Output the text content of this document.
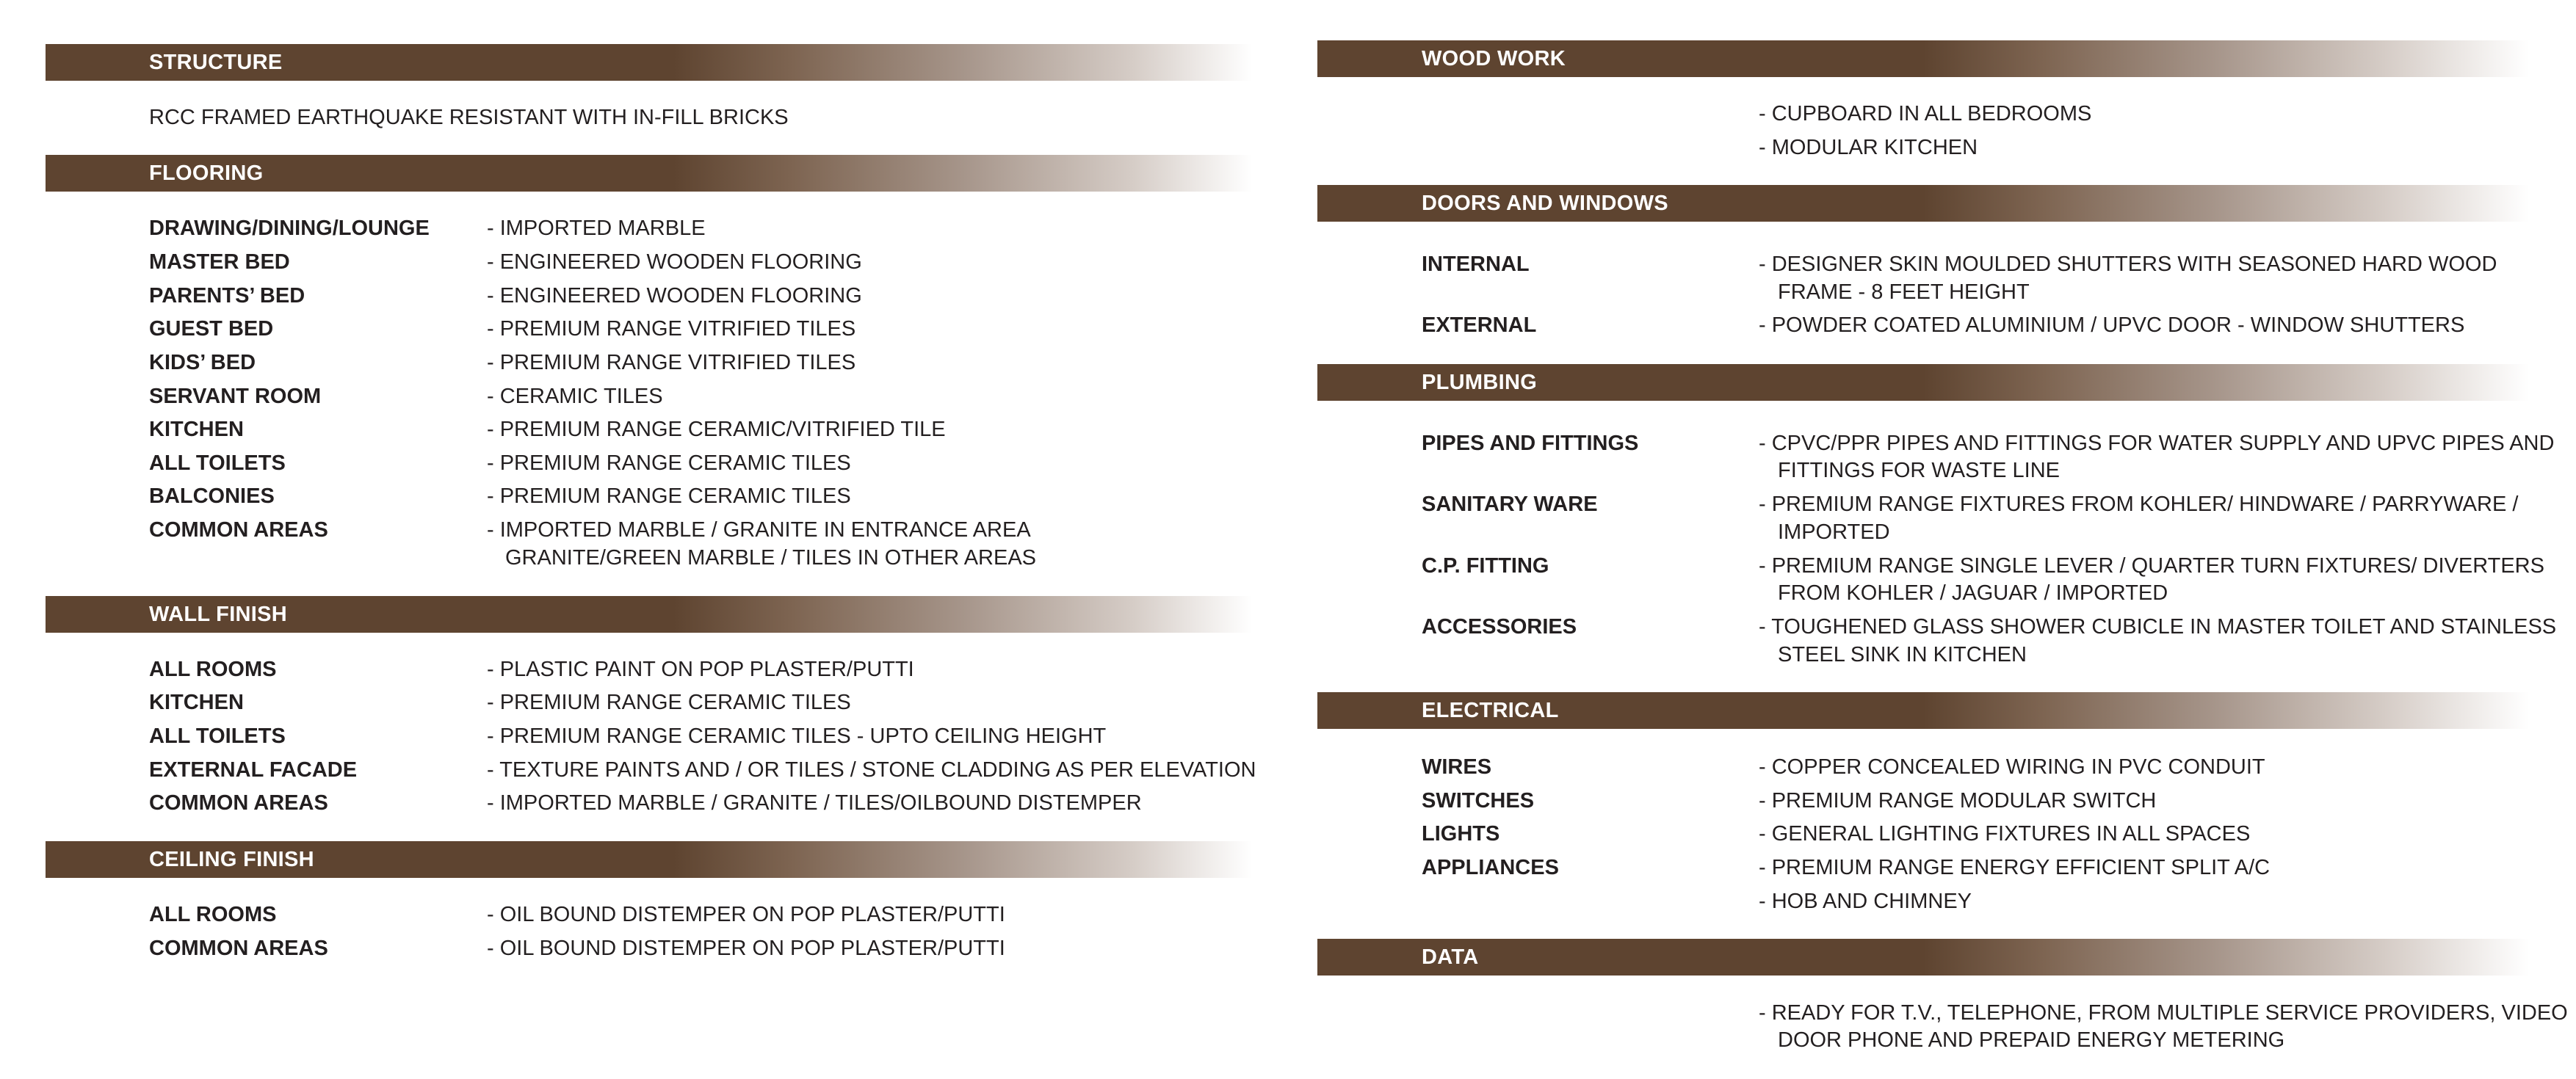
STRUCTURE
RCC FRAMED EARTHQUAKE RESISTANT WITH IN-FILL BRICKS
FLOORING
DRAWING/DINING/LOUNGE	- IMPORTED MARBLE
MASTER BED	- ENGINEERED WOODEN FLOORING
PARENTS’ BED	- ENGINEERED WOODEN FLOORING
GUEST BED	- PREMIUM RANGE VITRIFIED TILES
KIDS’ BED	- PREMIUM RANGE VITRIFIED TILES
SERVANT ROOM	- CERAMIC TILES
KITCHEN	- PREMIUM RANGE CERAMIC/VITRIFIED TILE
ALL TOILETS	- PREMIUM RANGE CERAMIC TILES
BALCONIES	- PREMIUM RANGE CERAMIC TILES
COMMON AREAS	- IMPORTED MARBLE / GRANITE IN ENTRANCE AREA
GRANITE/GREEN MARBLE / TILES IN OTHER AREAS
WALL FINISH
ALL ROOMS	- PLASTIC PAINT ON POP PLASTER/PUTTI
KITCHEN	- PREMIUM RANGE CERAMIC TILES
ALL TOILETS	- PREMIUM RANGE CERAMIC TILES - UPTO CEILING HEIGHT
EXTERNAL FACADE	- TEXTURE PAINTS AND / OR TILES / STONE CLADDING AS PER ELEVATION
COMMON AREAS	- IMPORTED MARBLE / GRANITE / TILES/OILBOUND DISTEMPER
CEILING FINISH
ALL ROOMS	- OIL BOUND DISTEMPER ON POP PLASTER/PUTTI
COMMON AREAS	- OIL BOUND DISTEMPER ON POP PLASTER/PUTTI
WOOD WORK
- CUPBOARD IN ALL BEDROOMS
- MODULAR KITCHEN
DOORS AND WINDOWS
INTERNAL	- DESIGNER SKIN MOULDED SHUTTERS WITH SEASONED HARD WOOD
FRAME - 8 FEET HEIGHT
EXTERNAL	- POWDER COATED ALUMINIUM / UPVC DOOR - WINDOW SHUTTERS
PLUMBING
PIPES AND FITTINGS	- CPVC/PPR PIPES AND FITTINGS FOR WATER SUPPLY AND UPVC PIPES AND
FITTINGS FOR WASTE LINE
SANITARY WARE	- PREMIUM RANGE FIXTURES FROM KOHLER/ HINDWARE / PARRYWARE /
IMPORTED
C.P. FITTING	- PREMIUM RANGE SINGLE LEVER / QUARTER TURN FIXTURES/ DIVERTERS
FROM KOHLER / JAGUAR / IMPORTED
ACCESSORIES	- TOUGHENED GLASS SHOWER CUBICLE IN MASTER TOILET AND STAINLESS
STEEL SINK IN KITCHEN
ELECTRICAL
WIRES	- COPPER CONCEALED WIRING IN PVC CONDUIT
SWITCHES	- PREMIUM RANGE MODULAR SWITCH
LIGHTS	- GENERAL LIGHTING FIXTURES IN ALL SPACES
APPLIANCES	- PREMIUM RANGE ENERGY EFFICIENT SPLIT A/C
- HOB AND CHIMNEY
DATA
- READY FOR T.V., TELEPHONE, FROM MULTIPLE SERVICE PROVIDERS, VIDEO
DOOR PHONE AND PREPAID ENERGY METERING
